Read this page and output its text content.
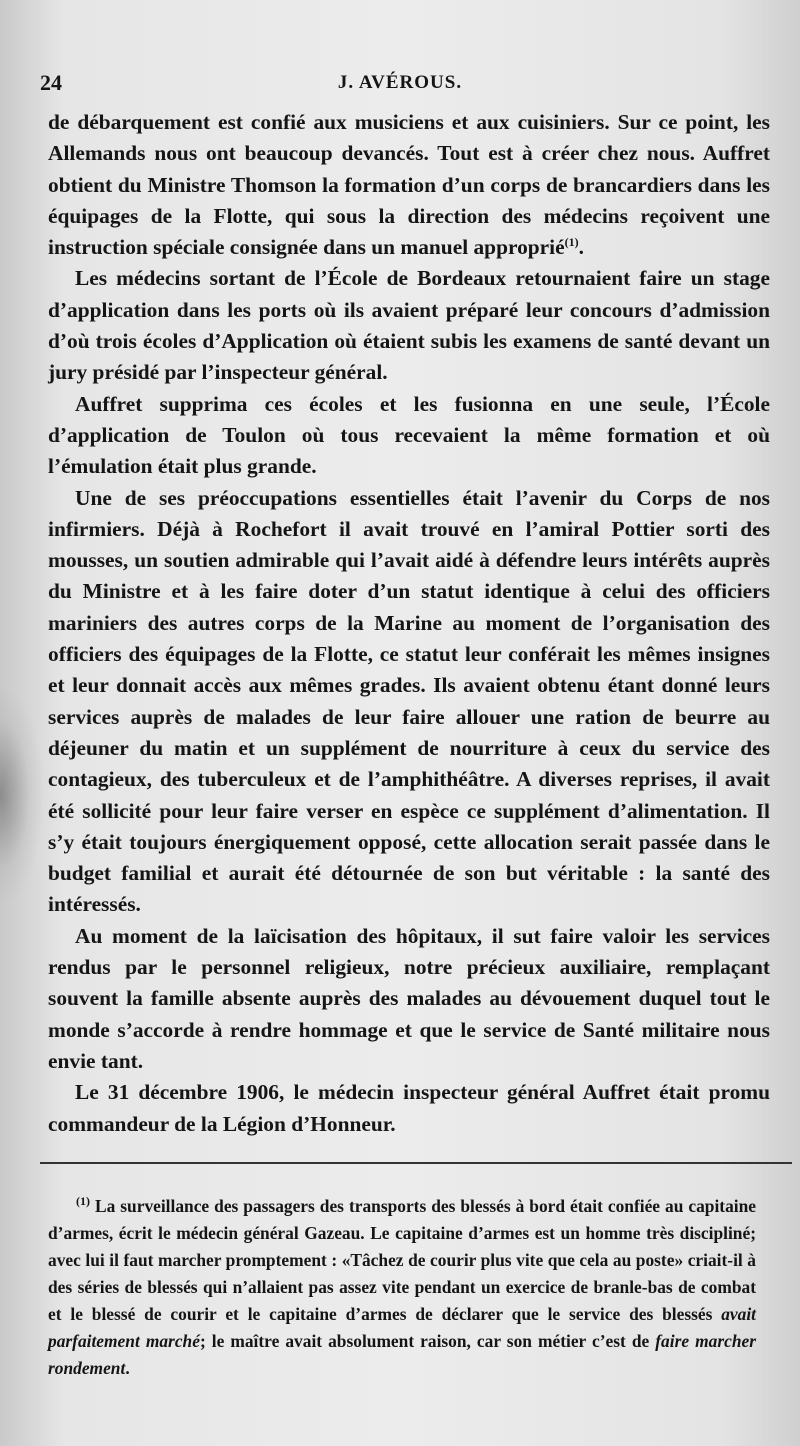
24	J. AVÉROUS.

de débarquement est confié aux musiciens et aux cuisiniers. Sur ce point, les Allemands nous ont beaucoup devancés. Tout est à créer chez nous. Auffret obtient du Ministre Thomson la formation d’un corps de brancardiers dans les équipages de la Flotte, qui sous la direction des médecins reçoivent une instruction spéciale consignée dans un manuel approprié$^{(1)}$.

Les médecins sortant de l’École de Bordeaux retournaient faire un stage d’application dans les ports où ils avaient préparé leur concours d’admission d’où trois écoles d’Application où étaient subis les examens de santé devant un jury présidé par l’inspecteur général.

Auffret supprima ces écoles et les fusionna en une seule, l’École d’application de Toulon où tous recevaient la même formation et où l’émulation était plus grande.

Une de ses préoccupations essentielles était l’avenir du Corps de nos infirmiers. Déjà à Rochefort il avait trouvé en l’amiral Pottier sorti des mousses, un soutien admirable qui l’avait aidé à défendre leurs intérêts auprès du Ministre et à les faire doter d’un statut identique à celui des officiers mariniers des autres corps de la Marine au moment de l’organisation des officiers des équipages de la Flotte, ce statut leur conférait les mêmes insignes et leur donnait accès aux mêmes grades. Ils avaient obtenu étant donné leurs services auprès de malades de leur faire allouer une ration de beurre au déjeuner du matin et un supplément de nourriture à ceux du service des contagieux, des tuberculeux et de l’amphithéâtre. A diverses reprises, il avait été sollicité pour leur faire verser en espèce ce supplément d’alimentation. Il s’y était toujours énergiquement opposé, cette allocation serait passée dans le budget familial et aurait été détournée de son but véritable : la santé des intéressés.

Au moment de la laïcisation des hôpitaux, il sut faire valoir les services rendus par le personnel religieux, notre précieux auxiliaire, remplaçant souvent la famille absente auprès des malades au dévouement duquel tout le monde s’accorde à rendre hommage et que le service de Santé militaire nous envie tant.

Le 31 décembre 1906, le médecin inspecteur général Auffret était promu commandeur de la Légion d’Honneur.

$^{(1)}$ La surveillance des passagers des transports des blessés à bord était confiée au capitaine d’armes, écrit le médecin général Gazeau. Le capitaine d’armes est un homme très discipliné; avec lui il faut marcher promptement : «Tâchez de courir plus vite que cela au poste» criait-il à des séries de blessés qui n’allaient pas assez vite pendant un exercice de branle-bas de combat et le blessé de courir et le capitaine d’armes de déclarer que le service des blessés avait parfaitement marché; le maître avait absolument raison, car son métier c’est de faire marcher rondement.
